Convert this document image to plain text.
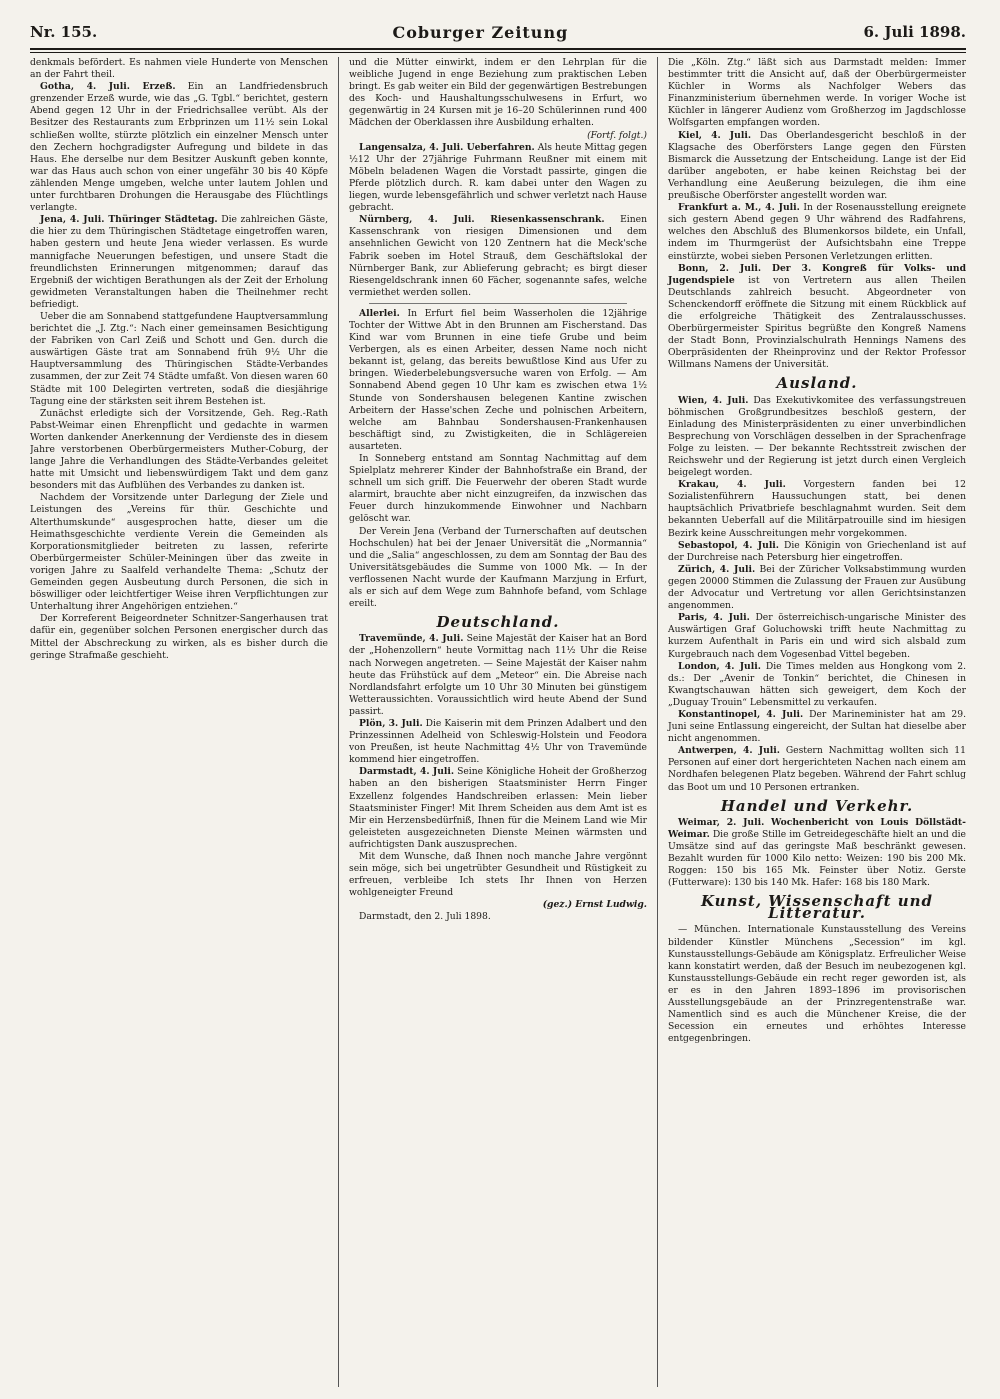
Nr. 155.	Coburger Zeitung	6. Juli 1898.

denkmals befördert. Es nahmen viele Hunderte von Menschen an der Fahrt theil.

Gotha, 4. Juli. Erzeß. Ein an Landfriedensbruch grenzender Erzeß wurde, wie das „G. Tgbl.“ berichtet, gestern Abend gegen 12 Uhr in der Friedrichsallee verübt. Als der Besitzer des Restaurants zum Erbprinzen um 11½ sein Lokal schließen wollte, stürzte plötzlich ein einzelner Mensch unter den Zechern hochgradigster Aufregung und bildete in das Haus. Ehe derselbe nur dem Besitzer Auskunft geben konnte, war das Haus auch schon von einer ungefähr 30 bis 40 Köpfe zählenden Menge umgeben, welche unter lautem Johlen und unter furchtbaren Drohungen die Herausgabe des Flüchtlings verlangte.

Jena, 4. Juli. Thüringer Städtetag. Die zahlreichen Gäste, die hier zu dem Thüringischen Städtetage eingetroffen waren, haben gestern und heute Jena wieder verlassen. Es wurde mannigfache Neuerungen befestigen, und unsere Stadt die freundlichsten Erinnerungen mitgenommen; darauf das Ergebniß der wichtigen Berathungen als der Zeit der Erholung gewidmeten Veranstaltungen haben die Theilnehmer recht befriedigt.

Ueber die am Sonnabend stattgefundene Hauptversammlung berichtet die „J. Ztg.“: Nach einer gemeinsamen Besichtigung der Fabriken von Carl Zeiß und Schott und Gen. durch die auswärtigen Gäste trat am Sonnabend früh 9½ Uhr die Hauptversammlung des Thüringischen Städte-Verbandes zusammen, der zur Zeit 74 Städte umfaßt. Von diesen waren 60 Städte mit 100 Delegirten vertreten, sodaß die diesjährige Tagung eine der stärksten seit ihrem Bestehen ist.

Zunächst erledigte sich der Vorsitzende, Geh. Reg.-Rath Pabst-Weimar einen Ehrenpflicht und gedachte in warmen Worten dankender Anerkennung der Verdienste des in diesem Jahre verstorbenen Oberbürgermeisters Muther-Coburg, der lange Jahre die Verhandlungen des Städte-Verbandes geleitet hatte mit Umsicht und liebenswürdigem Takt und dem ganz besonders mit das Aufblühen des Verbandes zu danken ist.

Nachdem der Vorsitzende unter Darlegung der Ziele und Leistungen des „Vereins für thür. Geschichte und Alterthumskunde“ ausgesprochen hatte, dieser um die Heimathsgeschichte verdiente Verein die Gemeinden als Korporationsmitglieder beitreten zu lassen, referirte Oberbürgermeister Schüler-Meiningen über das zweite in vorigen Jahre zu Saalfeld verhandelte Thema: „Schutz der Gemeinden gegen Ausbeutung durch Personen, die sich in böswilliger oder leichtfertiger Weise ihren Verpflichtungen zur Unterhaltung ihrer Angehörigen entziehen.“

Der Korreferent Beigeordneter Schnitzer-Sangerhausen trat dafür ein, gegenüber solchen Personen energischer durch das Mittel der Abschreckung zu wirken, als es bisher durch die geringe Strafmaße geschieht.

und die Mütter einwirkt, indem er den Lehrplan für die weibliche Jugend in enge Beziehung zum praktischen Leben bringt. Es gab weiter ein Bild der gegenwärtigen Bestrebungen des Koch- und Haushaltungsschulwesens in Erfurt, wo gegenwärtig in 24 Kursen mit je 16–20 Schülerinnen rund 400 Mädchen der Oberklassen ihre Ausbildung erhalten.

(Fortf. folgt.)

Langensalza, 4. Juli. Ueberfahren. Als heute Mittag gegen ½12 Uhr der 27jährige Fuhrmann Reußner mit einem mit Möbeln beladenen Wagen die Vorstadt passirte, gingen die Pferde plötzlich durch. R. kam dabei unter den Wagen zu liegen, wurde lebensgefährlich und schwer verletzt nach Hause gebracht.

Nürnberg, 4. Juli. Riesenkassenschrank. Einen Kassenschrank von riesigen Dimensionen und dem ansehnlichen Gewicht von 120 Zentnern hat die Meck'sche Fabrik soeben im Hotel Strauß, dem Geschäftslokal der Nürnberger Bank, zur Ablieferung gebracht; es birgt dieser Riesengeldschrank innen 60 Fächer, sogenannte safes, welche vermiethet werden sollen.

Allerlei. In Erfurt fiel beim Wasserholen die 12jährige Tochter der Wittwe Abt in den Brunnen am Fischerstand. Das Kind war vom Brunnen in eine tiefe Grube und beim Verbergen, als es einen Arbeiter, dessen Name noch nicht bekannt ist, gelang, das bereits bewußtlose Kind aus Ufer zu bringen. Wiederbelebungsversuche waren von Erfolg. — Am Sonnabend Abend gegen 10 Uhr kam es zwischen etwa 1½ Stunde von Sondershausen belegenen Kantine zwischen Arbeitern der Hasse'schen Zeche und polnischen Arbeitern, welche am Bahnbau Sondershausen-Frankenhausen beschäftigt sind, zu Zwistigkeiten, die in Schlägereien ausarteten.

In Sonneberg entstand am Sonntag Nachmittag auf dem Spielplatz mehrerer Kinder der Bahnhofstraße ein Brand, der schnell um sich griff. Die Feuerwehr der oberen Stadt wurde alarmirt, brauchte aber nicht einzugreifen, da inzwischen das Feuer durch hinzukommende Einwohner und Nachbarn gelöscht war.

Der Verein Jena (Verband der Turnerschaften auf deutschen Hochschulen) hat bei der Jenaer Universität die „Normannia“ und die „Salia“ angeschlossen, zu dem am Sonntag der Bau des Universitätsgebäudes die Summe von 1000 Mk. — In der verflossenen Nacht wurde der Kaufmann Marzjung in Erfurt, als er sich auf dem Wege zum Bahnhofe befand, vom Schlage ereilt.

Deutschland.

Travemünde, 4. Juli. Seine Majestät der Kaiser hat an Bord der „Hohenzollern“ heute Vormittag nach 11½ Uhr die Reise nach Norwegen angetreten. — Seine Majestät der Kaiser nahm heute das Frühstück auf dem „Meteor“ ein. Die Abreise nach Nordlandsfahrt erfolgte um 10 Uhr 30 Minuten bei günstigem Wetteraussichten. Voraussichtlich wird heute Abend der Sund passirt.

Plön, 3. Juli. Die Kaiserin mit dem Prinzen Adalbert und den Prinzessinnen Adelheid von Schleswig-Holstein und Feodora von Preußen, ist heute Nachmittag 4½ Uhr von Travemünde kommend hier eingetroffen.

Darmstadt, 4. Juli. Seine Königliche Hoheit der Großherzog haben an den bisherigen Staatsminister Herrn Finger Exzellenz folgendes Handschreiben erlassen: Mein lieber Staatsminister Finger! Mit Ihrem Scheiden aus dem Amt ist es Mir ein Herzensbedürfniß, Ihnen für die Meinem Land wie Mir geleisteten ausgezeichneten Dienste Meinen wärmsten und aufrichtigsten Dank auszusprechen.

Mit dem Wunsche, daß Ihnen noch manche Jahre vergönnt sein möge, sich bei ungetrübter Gesundheit und Rüstigkeit zu erfreuen, verbleibe Ich stets Ihr Ihnen von Herzen wohlgeneigter Freund

(gez.) Ernst Ludwig.

Darmstadt, den 2. Juli 1898.

Die „Köln. Ztg.“ läßt sich aus Darmstadt melden: Immer bestimmter tritt die Ansicht auf, daß der Oberbürgermeister Küchler in Worms als Nachfolger Webers das Finanzministerium übernehmen werde. In voriger Woche ist Küchler in längerer Audienz vom Großherzog im Jagdschlosse Wolfsgarten empfangen worden.

Kiel, 4. Juli. Das Oberlandesgericht beschloß in der Klagsache des Oberförsters Lange gegen den Fürsten Bismarck die Aussetzung der Entscheidung. Lange ist der Eid darüber angeboten, er habe keinen Reichstag bei der Verhandlung eine Aeußerung beizulegen, die ihm eine preußische Oberförster angestellt worden war.

Frankfurt a. M., 4. Juli. In der Rosenausstellung ereignete sich gestern Abend gegen 9 Uhr während des Radfahrens, welches den Abschluß des Blumenkorsos bildete, ein Unfall, indem im Thurmgerüst der Aufsichtsbahn eine Treppe einstürzte, wobei sieben Personen Verletzungen erlitten.

Bonn, 2. Juli. Der 3. Kongreß für Volks- und Jugendspiele ist von Vertretern aus allen Theilen Deutschlands zahlreich besucht. Abgeordneter von Schenckendorff eröffnete die Sitzung mit einem Rückblick auf die erfolgreiche Thätigkeit des Zentralausschusses. Oberbürgermeister Spiritus begrüßte den Kongreß Namens der Stadt Bonn, Provinzialschulrath Hennings Namens des Oberpräsidenten der Rheinprovinz und der Rektor Professor Willmans Namens der Universität.

Ausland.

Wien, 4. Juli. Das Exekutivkomitee des verfassungstreuen böhmischen Großgrundbesitzes beschloß gestern, der Einladung des Ministerpräsidenten zu einer unverbindlichen Besprechung von Vorschlägen desselben in der Sprachenfrage Folge zu leisten. — Der bekannte Rechtsstreit zwischen der Reichswehr und der Regierung ist jetzt durch einen Vergleich beigelegt worden.

Krakau, 4. Juli. Vorgestern fanden bei 12 Sozialistenführern Haussuchungen statt, bei denen hauptsächlich Privatbriefe beschlagnahmt wurden. Seit dem bekannten Ueberfall auf die Militärpatrouille sind im hiesigen Bezirk keine Ausschreitungen mehr vorgekommen.

Sebastopol, 4. Juli. Die Königin von Griechenland ist auf der Durchreise nach Petersburg hier eingetroffen.

Zürich, 4. Juli. Bei der Züricher Volksabstimmung wurden gegen 20000 Stimmen die Zulassung der Frauen zur Ausübung der Advocatur und Vertretung vor allen Gerichtsinstanzen angenommen.

Paris, 4. Juli. Der österreichisch-ungarische Minister des Auswärtigen Graf Goluchowski trifft heute Nachmittag zu kurzem Aufenthalt in Paris ein und wird sich alsbald zum Kurgebrauch nach dem Vogesenbad Vittel begeben.

London, 4. Juli. Die Times melden aus Hongkong vom 2. ds.: Der „Avenir de Tonkin“ berichtet, die Chinesen in Kwangtschauwan hätten sich geweigert, dem Koch der „Duguay Trouin“ Lebensmittel zu verkaufen.

Konstantinopel, 4. Juli. Der Marineminister hat am 29. Juni seine Entlassung eingereicht, der Sultan hat dieselbe aber nicht angenommen.

Antwerpen, 4. Juli. Gestern Nachmittag wollten sich 11 Personen auf einer dort hergerichteten Nachen nach einem am Nordhafen belegenen Platz begeben. Während der Fahrt schlug das Boot um und 10 Personen ertranken.

Handel und Verkehr.

Weimar, 2. Juli. Wochenbericht von Louis Döllstädt-Weimar. Die große Stille im Getreidegeschäfte hielt an und die Umsätze sind auf das geringste Maß beschränkt gewesen. Bezahlt wurden für 1000 Kilo netto: Weizen: 190 bis 200 Mk. Roggen: 150 bis 165 Mk. Feinster über Notiz. Gerste (Futterware): 130 bis 140 Mk. Hafer: 168 bis 180 Mark.

Kunst, Wissenschaft und Litteratur.

— München. Internationale Kunstausstellung des Vereins bildender Künstler Münchens „Secession“ im kgl. Kunstausstellungs-Gebäude am Königsplatz. Erfreulicher Weise kann konstatirt werden, daß der Besuch im neubezogenen kgl. Kunstausstellungs-Gebäude ein recht reger geworden ist, als er es in den Jahren 1893–1896 im provisorischen Ausstellungsgebäude an der Prinzregentenstraße war. Namentlich sind es auch die Münchener Kreise, die der Secession ein erneutes und erhöhtes Interesse entgegenbringen.
